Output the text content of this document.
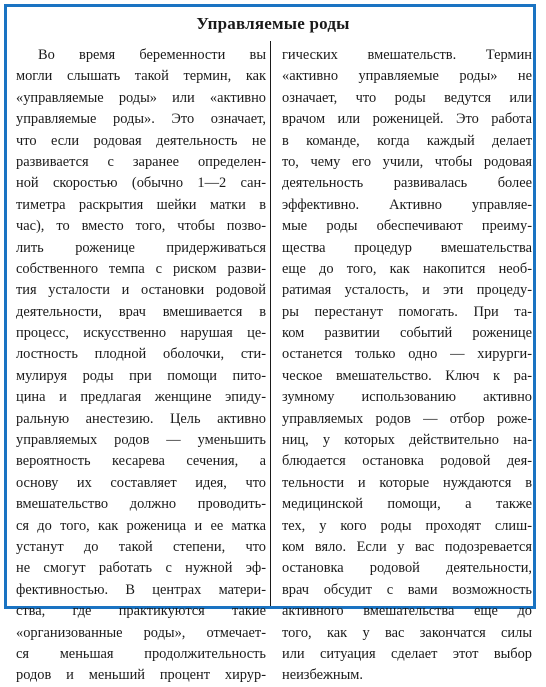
Управляемые роды
Во время беременности вы
могли слышать такой термин, как
«управляемые роды» или «активно
управляемые роды». Это означает,
что если родовая деятельность не
развивается с заранее определен-
ной скоростью (обычно 1—2 сан-
тиметра раскрытия шейки матки в
час), то вместо того, чтобы позво-
лить роженице придерживаться
собственного темпа с риском разви-
тия усталости и остановки родовой
деятельности, врач вмешивается в
процесс, искусственно нарушая це-
лостность плодной оболочки, сти-
мулируя роды при помощи пито-
цина и предлагая женщине эпиду-
ральную анестезию. Цель активно
управляемых родов — уменьшить
вероятность кесарева сечения, а
основу их составляет идея, что
вмешательство должно проводить-
ся до того, как роженица и ее матка
устанут до такой степени, что
не смогут работать с нужной эф-
фективностью. В центрах матери-
ства, где практикуются такие
«организованные роды», отмечает-
ся меньшая продолжительность
родов и меньший процент хирур-
гических вмешательств. Термин
«активно управляемые роды» не
означает, что роды ведутся или
врачом или роженицей. Это работа
в команде, когда каждый делает
то, чему его учили, чтобы родовая
деятельность развивалась более
эффективно. Активно управляе-
мые роды обеспечивают преиму-
щества процедур вмешательства
еще до того, как накопится необ-
ратимая усталость, и эти процеду-
ры перестанут помогать. При та-
ком развитии событий роженице
останется только одно — хирурги-
ческое вмешательство. Ключ к ра-
зумному использованию активно
управляемых родов — отбор роже-
ниц, у которых действительно на-
блюдается остановка родовой дея-
тельности и которые нуждаются в
медицинской помощи, а также
тех, у кого роды проходят слиш-
ком вяло. Если у вас подозревается
остановка родовой деятельности,
врач обсудит с вами возможность
активного вмешательства еще до
того, как у вас закончатся силы
или ситуация сделает этот выбор
неизбежным.
